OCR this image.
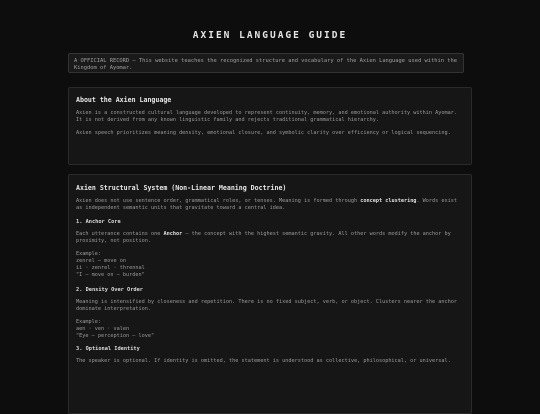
AXIEN LANGUAGE GUIDE
A OFFICIAL RECORD — This website teaches the recognized structure and vocabulary of the Axien Language used within the Kingdom of Ayomar.
About the Axien Language

Axien is a constructed cultural language developed to represent continuity, memory, and emotional authority within Ayomar. It is not derived from any known linguistic family and rejects traditional grammatical hierarchy.

Axien speech prioritizes meaning density, emotional closure, and symbolic clarity over efficiency or logical sequencing.

Axien Structural System (Non-Linear Meaning Doctrine)

Axien does not use sentence order, grammatical roles, or tenses. Meaning is formed through concept clustering. Words exist as independent semantic units that gravitate toward a central idea.

1. Anchor Core

Each utterance contains one Anchor — the concept with the highest semantic gravity. All other words modify the anchor by proximity, not position.

Example:

zenrel — move on

ii · zenrel · thrennal

"I — move on — burden"

2. Density Over Order

Meaning is intensified by closeness and repetition. There is no fixed subject, verb, or object. Clusters nearer the anchor dominate interpretation.

Example:

aen · ven · valen

"Eye — perception — love"

3. Optional Identity

The speaker is optional. If identity is omitted, the statement is understood as collective, philosophical, or universal.
